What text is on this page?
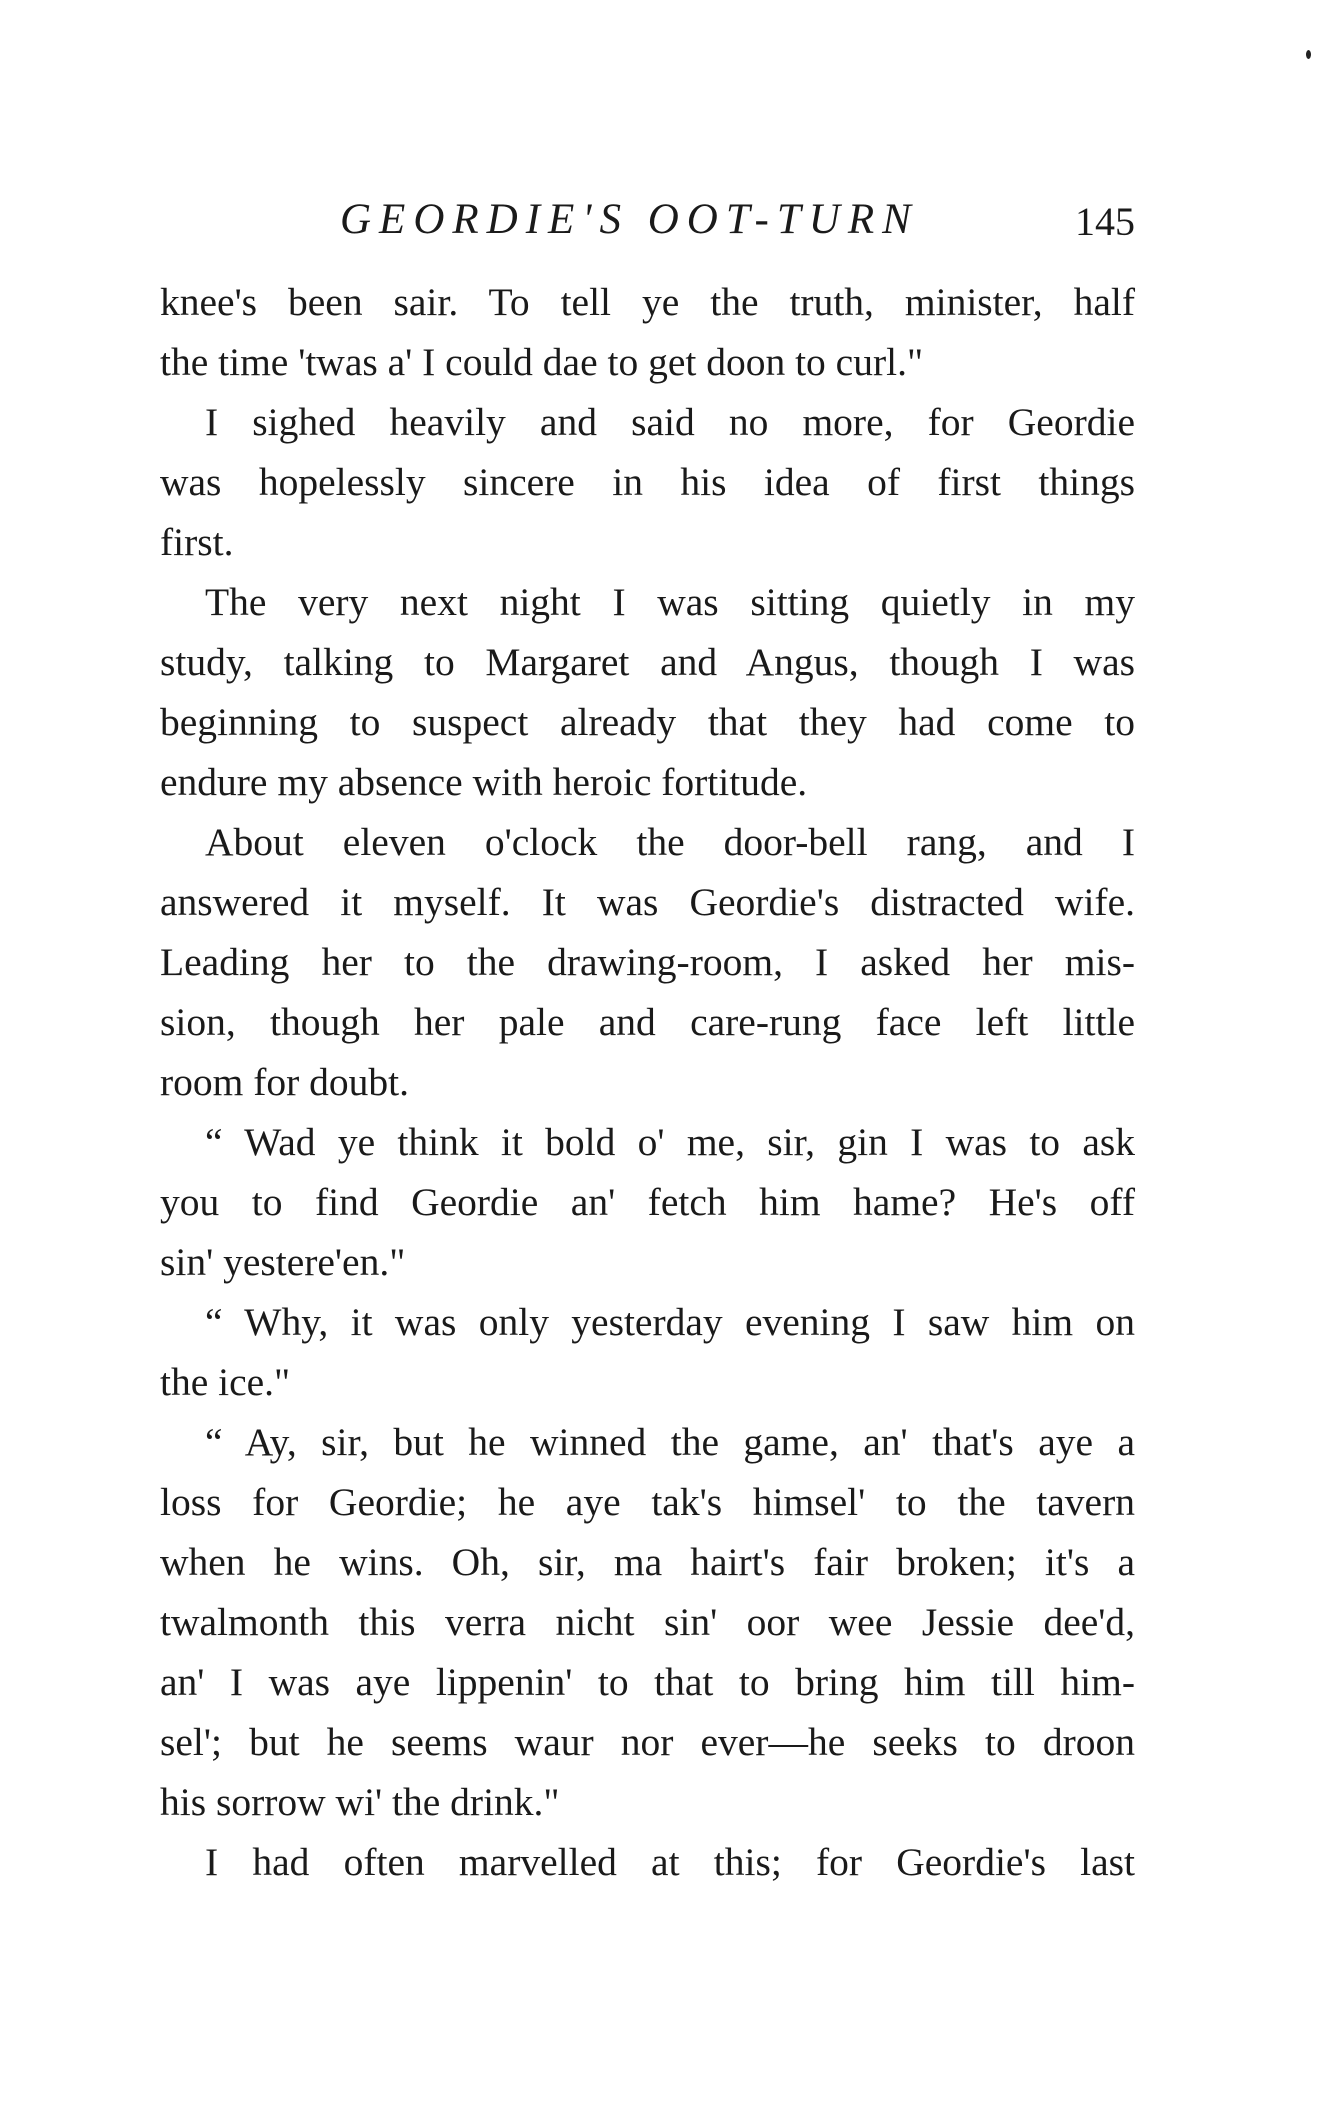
GEORDIE'S OOT-TURN	145

knee's been sair. To tell ye the truth, minister, half
the time 'twas a' I could dae to get doon to curl."

I sighed heavily and said no more, for Geordie
was hopelessly sincere in his idea of first things
first.

The very next night I was sitting quietly in my
study, talking to Margaret and Angus, though I was
beginning to suspect already that they had come to
endure my absence with heroic fortitude.

About eleven o'clock the door-bell rang, and I
answered it myself. It was Geordie's distracted wife.
Leading her to the drawing-room, I asked her mis-
sion, though her pale and care-rung face left little
room for doubt.

“ Wad ye think it bold o' me, sir, gin I was to ask
you to find Geordie an' fetch him hame? He's off
sin' yestere'en."

“ Why, it was only yesterday evening I saw him on
the ice."

“ Ay, sir, but he winned the game, an' that's aye a
loss for Geordie; he aye tak's himsel' to the tavern
when he wins. Oh, sir, ma hairt's fair broken; it's a
twalmonth this verra nicht sin' oor wee Jessie dee'd,
an' I was aye lippenin' to that to bring him till him-
sel'; but he seems waur nor ever—he seeks to droon
his sorrow wi' the drink."

I had often marvelled at this; for Geordie's last
